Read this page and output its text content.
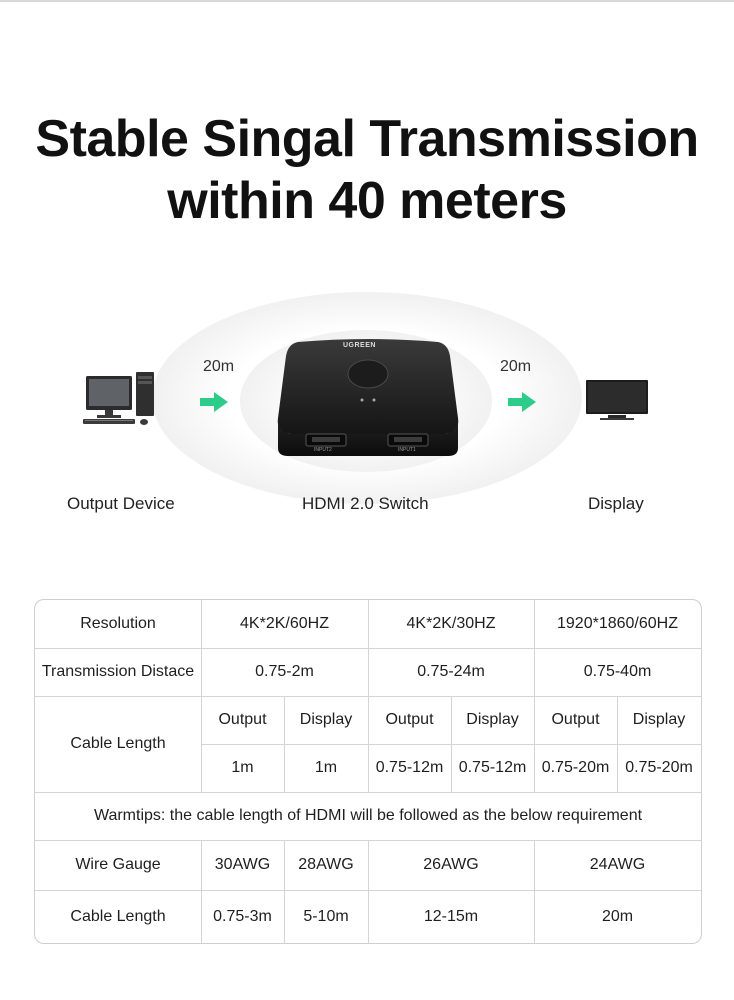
Stable Singal Transmission
within 40 meters
20m
UGREEN
INPUT2	INPUT1
20m
Output Device	HDMI 2.0 Switch	Display
Resolution	4K*2K/60HZ	4K*2K/30HZ	1920*1860/60HZ
Transmission Distace	0.75-2m	0.75-24m	0.75-40m
Cable Length
Output	Display	Output	Display	Output	Display
1m	1m	0.75-12m 0.75-12m 0.75-20m 0.75-20m
Warmtips: the cable length of HDMI will be followed as the below requirement
Wire Gauge	30AWG	28AWG	26AWG	24AWG
Cable Length	0.75-3m	5-10m	12-15m	20m
